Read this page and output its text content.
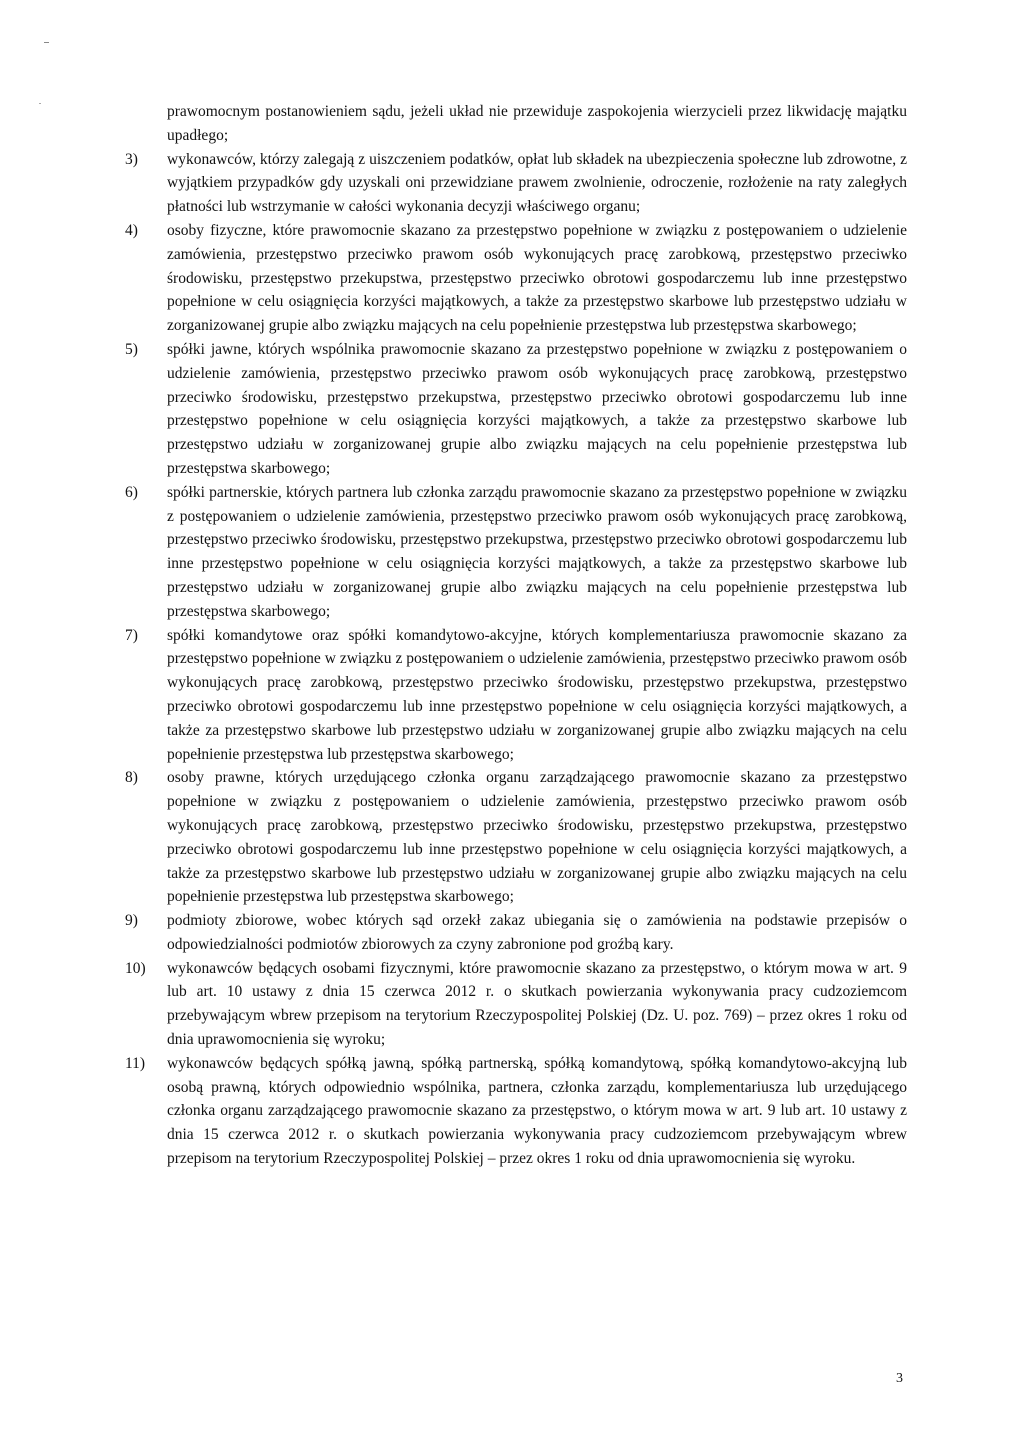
prawomocnym postanowieniem sądu, jeżeli układ nie przewiduje zaspokojenia wierzycieli przez likwidację majątku upadłego;

3)	wykonawców, którzy zalegają z uiszczeniem podatków, opłat lub składek na ubezpieczenia społeczne lub zdrowotne, z wyjątkiem przypadków gdy uzyskali oni przewidziane prawem zwolnienie, odroczenie, rozłożenie na raty zaległych płatności lub wstrzymanie w całości wykonania decyzji właściwego organu;
4)	osoby fizyczne, które prawomocnie skazano za przestępstwo popełnione w związku z postępowaniem o udzielenie zamówienia, przestępstwo przeciwko prawom osób wykonujących pracę zarobkową, przestępstwo przeciwko środowisku, przestępstwo przekupstwa, przestępstwo przeciwko obrotowi gospodarczemu lub inne przestępstwo popełnione w celu osiągnięcia korzyści majątkowych, a także za przestępstwo skarbowe lub przestępstwo udziału w zorganizowanej grupie albo związku mających na celu popełnienie przestępstwa lub przestępstwa skarbowego;
5)	spółki jawne, których wspólnika prawomocnie skazano za przestępstwo popełnione w związku z postępowaniem o udzielenie zamówienia, przestępstwo przeciwko prawom osób wykonujących pracę zarobkową, przestępstwo przeciwko środowisku, przestępstwo przekupstwa, przestępstwo przeciwko obrotowi gospodarczemu lub inne przestępstwo popełnione w celu osiągnięcia korzyści majątkowych, a także za przestępstwo skarbowe lub przestępstwo udziału w zorganizowanej grupie albo związku mających na celu popełnienie przestępstwa lub przestępstwa skarbowego;
6)	spółki partnerskie, których partnera lub członka zarządu prawomocnie skazano za przestępstwo popełnione w związku z postępowaniem o udzielenie zamówienia, przestępstwo przeciwko prawom osób wykonujących pracę zarobkową, przestępstwo przeciwko środowisku, przestępstwo przekupstwa, przestępstwo przeciwko obrotowi gospodarczemu lub inne przestępstwo popełnione w celu osiągnięcia korzyści majątkowych, a także za przestępstwo skarbowe lub przestępstwo udziału w zorganizowanej grupie albo związku mających na celu popełnienie przestępstwa lub przestępstwa skarbowego;
7)	spółki komandytowe oraz spółki komandytowo-akcyjne, których komplementariusza prawomocnie skazano za przestępstwo popełnione w związku z postępowaniem o udzielenie zamówienia, przestępstwo przeciwko prawom osób wykonujących pracę zarobkową, przestępstwo przeciwko środowisku, przestępstwo przekupstwa, przestępstwo przeciwko obrotowi gospodarczemu lub inne przestępstwo popełnione w celu osiągnięcia korzyści majątkowych, a także za przestępstwo skarbowe lub przestępstwo udziału w zorganizowanej grupie albo związku mających na celu popełnienie przestępstwa lub przestępstwa skarbowego;
8)	osoby prawne, których urzędującego członka organu zarządzającego prawomocnie skazano za przestępstwo popełnione w związku z postępowaniem o udzielenie zamówienia, przestępstwo przeciwko prawom osób wykonujących pracę zarobkową, przestępstwo przeciwko środowisku, przestępstwo przekupstwa, przestępstwo przeciwko obrotowi gospodarczemu lub inne przestępstwo popełnione w celu osiągnięcia korzyści majątkowych, a także za przestępstwo skarbowe lub przestępstwo udziału w zorganizowanej grupie albo związku mających na celu popełnienie przestępstwa lub przestępstwa skarbowego;
9)	podmioty zbiorowe, wobec których sąd orzekł zakaz ubiegania się o zamówienia na podstawie przepisów o odpowiedzialności podmiotów zbiorowych za czyny zabronione pod groźbą kary.
10)	wykonawców będących osobami fizycznymi, które prawomocnie skazano za przestępstwo, o którym mowa w art. 9 lub art. 10 ustawy z dnia 15 czerwca 2012 r. o skutkach powierzania wykonywania pracy cudzoziemcom przebywającym wbrew przepisom na terytorium Rzeczypospolitej Polskiej (Dz. U. poz. 769) – przez okres 1 roku od dnia uprawomocnienia się wyroku;
11)	wykonawców będących spółką jawną, spółką partnerską, spółką komandytową, spółką komandytowo-akcyjną lub osobą prawną, których odpowiednio wspólnika, partnera, członka zarządu, komplementariusza lub urzędującego członka organu zarządzającego prawomocnie skazano za przestępstwo, o którym mowa w art. 9 lub art. 10 ustawy z dnia 15 czerwca 2012 r. o skutkach powierzania wykonywania pracy cudzoziemcom przebywającym wbrew przepisom na terytorium Rzeczypospolitej Polskiej – przez okres 1 roku od dnia uprawomocnienia się wyroku.
3
